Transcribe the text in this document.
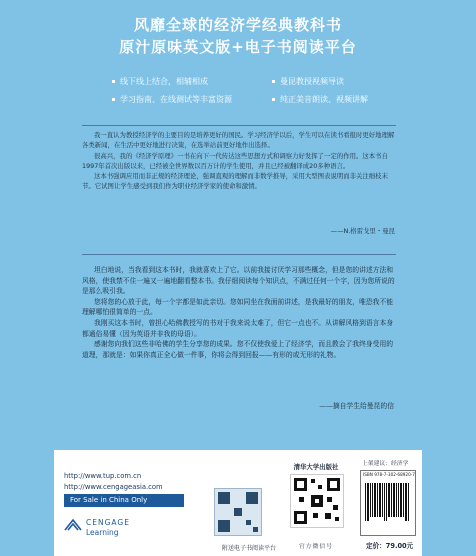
风靡全球的经济学经典教科书
原汁原味英文版+电子书阅读平台
线下线上结合，相辅相成
学习指南、在线测试等丰富资源
曼昆教授视频导读
纯正美音朗读、视频讲解

我一直认为教授经济学的主要目的是培养更好的国民。学习经济学以后，学生可以在读书看报时更好地理解各类新闻，在生活中更好地进行决策，在选举站前更好地作出选择。

很高兴，我的《经济学原理》一书在向下一代传达这些思想方式和调察力好发挥了一定的作用。这本书自1997年首次出版以来，已经被全世界数以百万计的学生使用，并且已经被翻译成20多种语言。

这本书强调应用而非正规的经济理论，强调直观的理解而非数学推导，采用大型图表说明而非关注细枝末节。它试图让学生感受到我们作为职业经济学家的使命和激情。

——N.格雷戈里・曼昆

坦白地说，当我看到这本书时，我就喜欢上了它。以前我接讨厌学习那些概念，但是您的讲述方法和风格，使我禁不住一遍又一遍地翻看整本书。我仔细阅读每个知识点，不满过任何一个字，因为您所说的是那么吸引我。

您将您的心放于此，每一个字都是如此亲切。您如同坐在我面前讲述，是我最好的朋友，唯恐我不能理解哪怕很简单的一点。

我刚买这本书时，曾担心哈佛教授写的书对于我来说太难了，但它一点也不。从讲解风格到语言本身都通俗易懂（因为英语并非我的母语）。

感谢您向我们这些非哈佛的学生分享您的成果。您不仅使我爱上了经济学，而且教会了我终身受用的道理，那就是：如果你真正全心做一件事，你将会得到回报——有形的或无形的礼物。

——摘自学生给曼昆的信
http://www.tup.com.cn
http://www.cengageasia.com
For Sale in China Only
CENGAGE
Learning
附送电子书阅读平台
清华大学出版社
官方微信号
上架建议：经济学
ISBN 978-7-302-68920-7
定价：79.00元
